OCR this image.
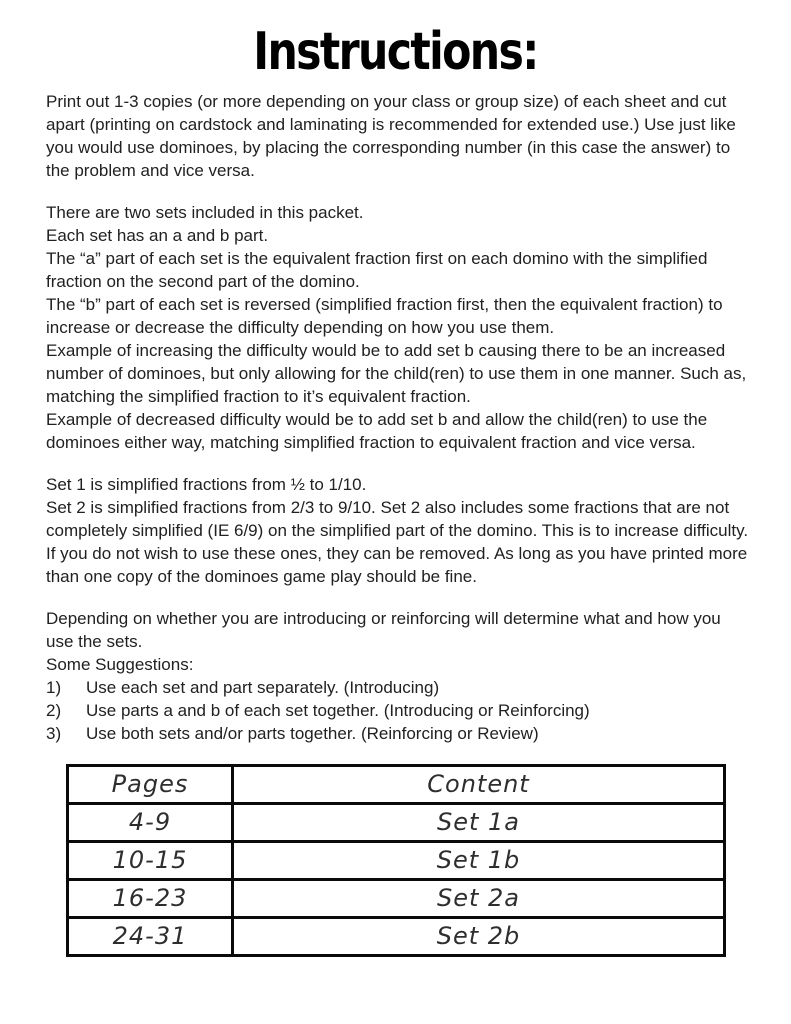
Instructions:

Print out 1-3 copies (or more depending on your class or group size) of each sheet and cut apart (printing on cardstock and laminating is recommended for extended use.) Use just like you would use dominoes, by placing the corresponding number (in this case the answer) to the problem and vice versa.

There are two sets included in this packet.
Each set has an a and b part.
The “a” part of each set is the equivalent fraction first on each domino with the simplified fraction on the second part of the domino.
The “b” part of each set is reversed (simplified fraction first, then the equivalent fraction) to increase or decrease the difficulty depending on how you use them.
Example of increasing the difficulty would be to add set b causing there to be an increased number of dominoes, but only allowing for the child(ren) to use them in one manner. Such as, matching the simplified fraction to it’s equivalent fraction.
Example of decreased difficulty would be to add set b and allow the child(ren) to use the dominoes either way, matching simplified fraction to equivalent fraction and vice versa.
Set 1 is simplified fractions from ½ to 1/10.
Set 2 is simplified fractions from 2/3 to 9/10. Set 2 also includes some fractions that are not completely simplified (IE 6/9) on the simplified part of the domino. This is to increase difficulty. If you do not wish to use these ones, they can be removed. As long as you have printed more than one copy of the dominoes game play should be fine.
Depending on whether you are introducing or reinforcing will determine what and how you use the sets.
Some Suggestions:
1)	Use each set and part separately. (Introducing)
2)	Use parts a and b of each set together. (Introducing or Reinforcing)
3)	Use both sets and/or parts together. (Reinforcing or Review)
Pages	Content
4-9	Set 1a
10-15	Set 1b
16-23	Set 2a
24-31	Set 2b
